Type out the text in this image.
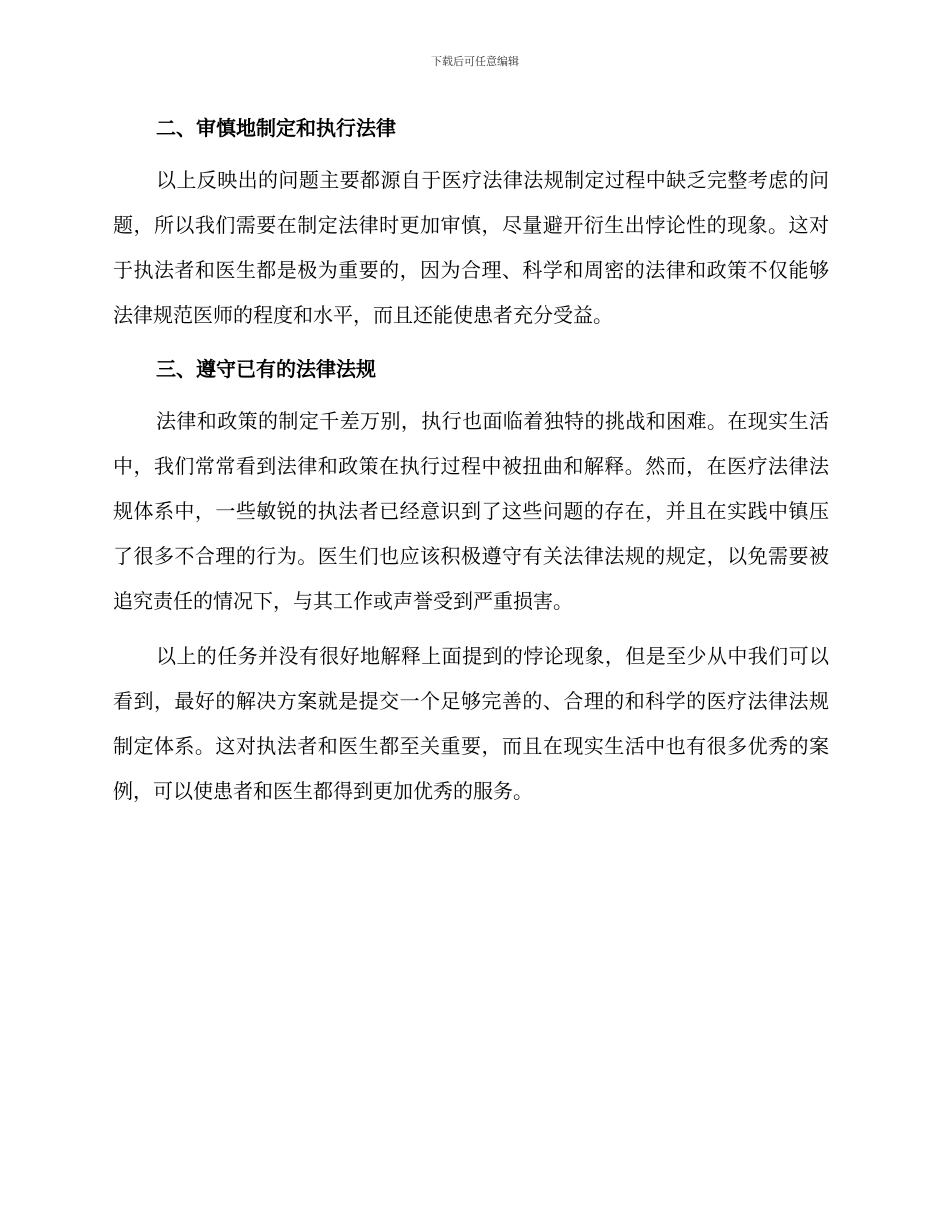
下载后可任意编辑
二、审慎地制定和执行法律

以上反映出的问题主要都源自于医疗法律法规制定过程中缺乏完整考虑的问题，所以我们需要在制定法律时更加审慎，尽量避开衍生出悖论性的现象。这对于执法者和医生都是极为重要的，因为合理、科学和周密的法律和政策不仅能够法律规范医师的程度和水平，而且还能使患者充分受益。

三、遵守已有的法律法规

法律和政策的制定千差万别，执行也面临着独特的挑战和困难。在现实生活中，我们常常看到法律和政策在执行过程中被扭曲和解释。然而，在医疗法律法规体系中，一些敏锐的执法者已经意识到了这些问题的存在，并且在实践中镇压了很多不合理的行为。医生们也应该积极遵守有关法律法规的规定，以免需要被追究责任的情况下，与其工作或声誉受到严重损害。

以上的任务并没有很好地解释上面提到的悖论现象，但是至少从中我们可以看到，最好的解决方案就是提交一个足够完善的、合理的和科学的医疗法律法规制定体系。这对执法者和医生都至关重要，而且在现实生活中也有很多优秀的案例，可以使患者和医生都得到更加优秀的服务。
